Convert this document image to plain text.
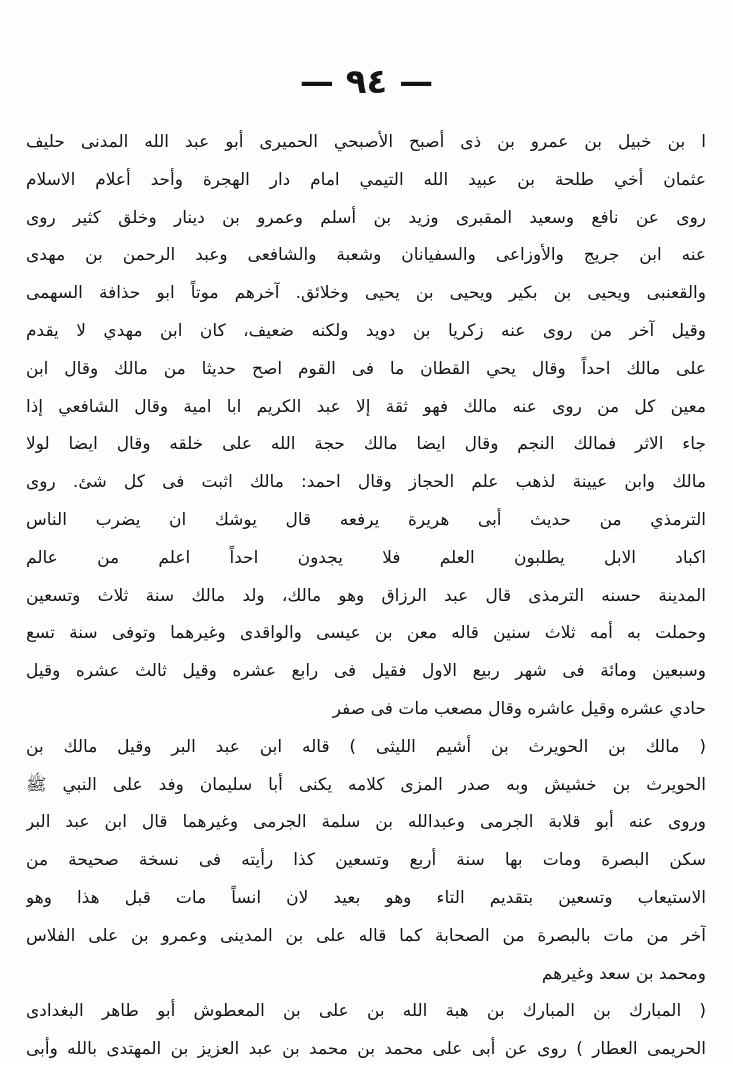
— ٩٤ —
ا بن خبيل بن عمرو بن ذى أصبح الأصبحي الحميرى أبو عبد الله المدنى حليف
عثمان أخي طلحة بن عبيد الله التيمي امام دار الهجرة وأحد أعلام الاسلام
روى عن نافع وسعيد المقبرى وزيد بن أسلم وعمرو بن دينار وخلق كثير روى
عنه ابن جريج والأوزاعى والسفيانان وشعبة والشافعى وعبد الرحمن بن مهدى
والقعنبى ويحيى بن بكير ويحيى بن يحيى وخلائق. آخرهم موتاً ابو حذافة السهمى
وقيل آخر من روى عنه زكريا بن دويد ولكنه ضعيف، كان ابن مهدي لا يقدم
على مالك احداً وقال يحي القطان ما فى القوم اصح حديثا من مالك وقال ابن
معين كل من روى عنه مالك فهو ثقة إلا عبد الكريم ابا امية وقال الشافعي إذا
جاء الاثر فمالك النجم وقال ايضا مالك حجة الله على خلقه وقال ايضا لولا
مالك وابن عيينة لذهب علم الحجاز وقال احمد: مالك اثبت فى كل شئ. روى
الترمذي من حديث أبى هريرة يرفعه قال يوشك ان يضرب الناس
اكباد الابل يطلبون العلم فلا يجدون احداً اعلم من عالم
المدينة حسنه الترمذى قال عبد الرزاق وهو مالك، ولد مالك سنة ثلاث وتسعين
وحملت به أمه ثلاث سنين قاله معن بن عيسى والواقدى وغيرهما وتوفى سنة تسع
وسبعين ومائة فى شهر ربيع الاول فقيل فى رابع عشره وقيل ثالث عشره وقيل
حادي عشره وقيل عاشره وقال مصعب مات فى صفر
( مالك بن الحويرث بن أشيم الليثى ) قاله ابن عبد البر وقيل مالك بن
الحويرث بن خشيش وبه صدر المزى كلامه يكنى أبا سليمان وفد على النبي ﷺ
وروى عنه أبو قلابة الجرمى وعبدالله بن سلمة الجرمى وغيرهما قال ابن عبد البر
سكن البصرة ومات بها سنة أربع وتسعين كذا رأيته فى نسخة صحيحة من
الاستيعاب وتسعين بتقديم التاء وهو بعيد لان انساً مات قبل هذا وهو
آخر من مات بالبصرة من الصحابة كما قاله على بن المدينى وعمرو بن على الفلاس
ومحمد بن سعد وغيرهم
( المبارك بن المبارك بن هبة الله بن على بن المعطوش أبو طاهر البغدادى
الحريمى العطار ) روى عن أبى على محمد بن محمد بن عبد العزيز بن المهتدى بالله وأبى
